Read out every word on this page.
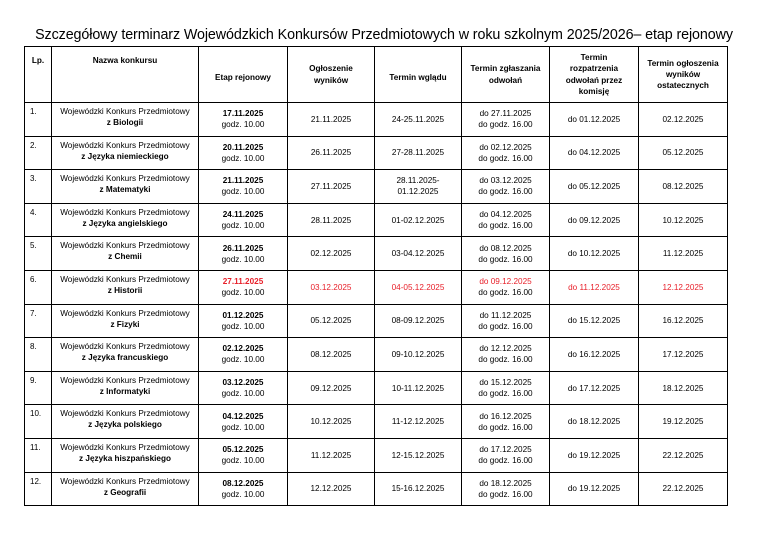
Szczegółowy terminarz Wojewódzkich Konkursów Przedmiotowych w roku szkolnym 2025/2026– etap rejonowy
Lp.	Nazwa konkursu	Etap rejonowy	Ogłoszenie
wyników	Termin wglądu	Termin zgłaszania
odwołań	Termin
rozpatrzenia
odwołań przez
komisję	Termin ogłoszenia
wyników
ostatecznych

1.	Wojewódzki Konkurs Przedmiotowy
z Biologii	17.11.2025
godz. 10.00	21.11.2025	24-25.11.2025	do 27.11.2025
do godz. 16.00	do 01.12.2025	02.12.2025
2.	Wojewódzki Konkurs Przedmiotowy
z Języka niemieckiego	20.11.2025
godz. 10.00	26.11.2025	27-28.11.2025	do 02.12.2025
do godz. 16.00	do 04.12.2025	05.12.2025
3.	Wojewódzki Konkurs Przedmiotowy
z Matematyki	21.11.2025
godz. 10.00	27.11.2025	28.11.2025-
01.12.2025	do 03.12.2025
do godz. 16.00	do 05.12.2025	08.12.2025
4.	Wojewódzki Konkurs Przedmiotowy
z Języka angielskiego	24.11.2025
godz. 10.00	28.11.2025	01-02.12.2025	do 04.12.2025
do godz. 16.00	do 09.12.2025	10.12.2025
5.	Wojewódzki Konkurs Przedmiotowy
z Chemii	26.11.2025
godz. 10.00	02.12.2025	03-04.12.2025	do 08.12.2025
do godz. 16.00	do 10.12.2025	11.12.2025
6.	Wojewódzki Konkurs Przedmiotowy
z Historii	27.11.2025
godz. 10.00	03.12.2025	04-05.12.2025	do 09.12.2025
do godz. 16.00	do 11.12.2025	12.12.2025
7.	Wojewódzki Konkurs Przedmiotowy
z Fizyki	01.12.2025
godz. 10.00	05.12.2025	08-09.12.2025	do 11.12.2025
do godz. 16.00	do 15.12.2025	16.12.2025
8.	Wojewódzki Konkurs Przedmiotowy
z Języka francuskiego	02.12.2025
godz. 10.00	08.12.2025	09-10.12.2025	do 12.12.2025
do godz. 16.00	do 16.12.2025	17.12.2025
9.	Wojewódzki Konkurs Przedmiotowy
z Informatyki	03.12.2025
godz. 10.00	09.12.2025	10-11.12.2025	do 15.12.2025
do godz. 16.00	do 17.12.2025	18.12.2025
10.	Wojewódzki Konkurs Przedmiotowy
z Języka polskiego	04.12.2025
godz. 10.00	10.12.2025	11-12.12.2025	do 16.12.2025
do godz. 16.00	do 18.12.2025	19.12.2025
11.	Wojewódzki Konkurs Przedmiotowy
z Języka hiszpańskiego	05.12.2025
godz. 10.00	11.12.2025	12-15.12.2025	do 17.12.2025
do godz. 16.00	do 19.12.2025	22.12.2025
12.	Wojewódzki Konkurs Przedmiotowy
z Geografii	08.12.2025
godz. 10.00	12.12.2025	15-16.12.2025	do 18.12.2025
do godz. 16.00	do 19.12.2025	22.12.2025
